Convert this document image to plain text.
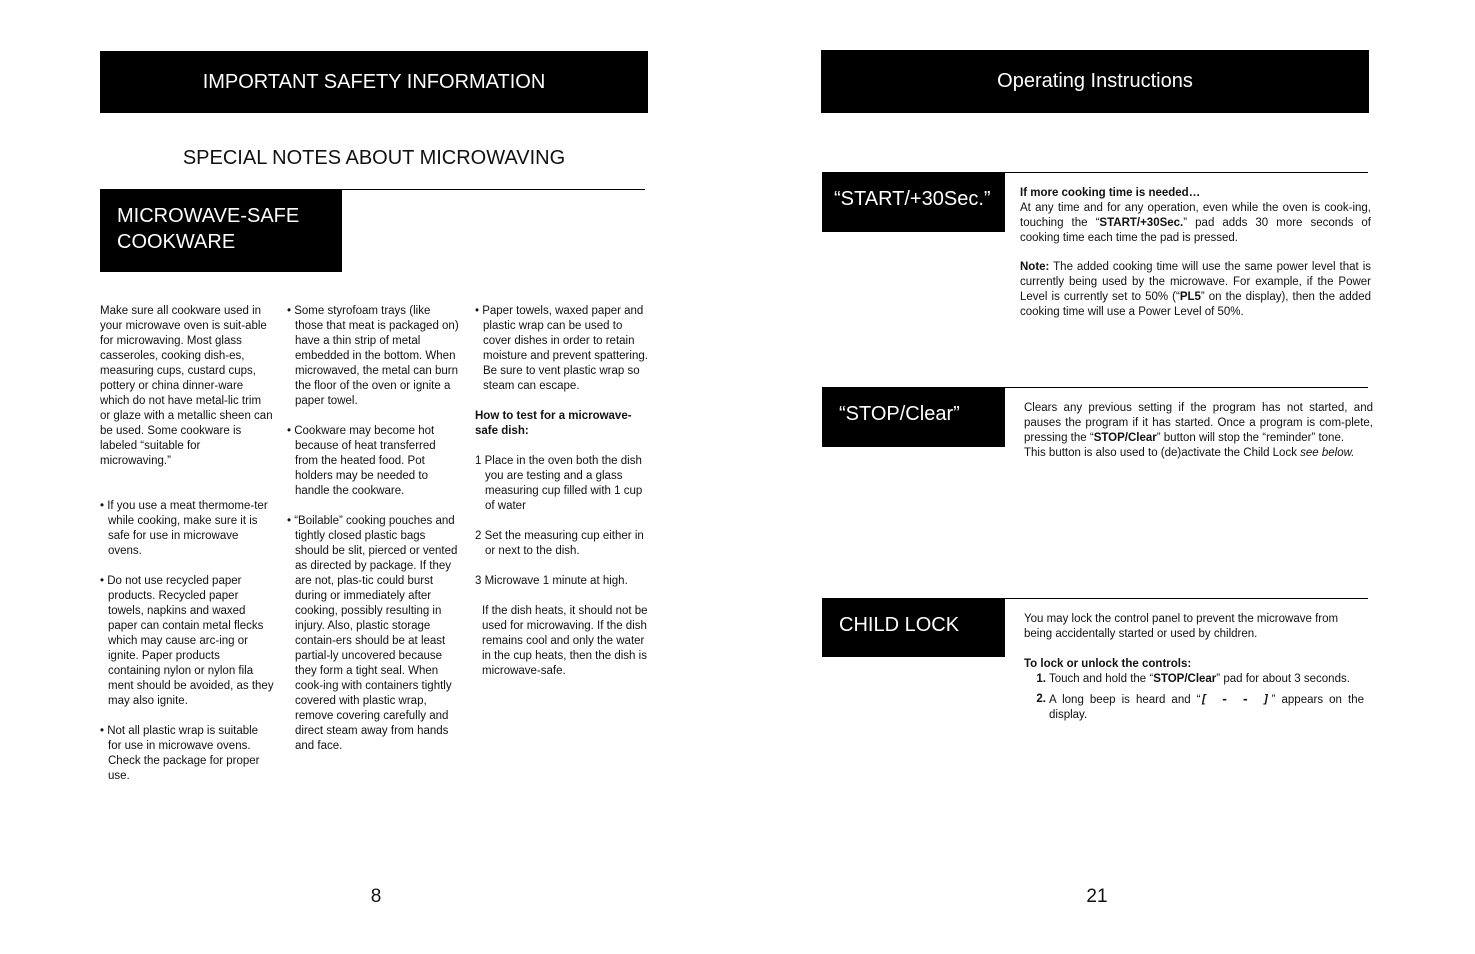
IMPORTANT SAFETY INFORMATION
SPECIAL NOTES ABOUT MICROWAVING
MICROWAVE-SAFE
COOKWARE

Make sure all cookware used in your microwave oven is suit-able for microwaving. Most glass casseroles, cooking dish-es, measuring cups, custard cups, pottery or china dinner-ware which do not have metal-lic trim or glaze with a metallic sheen can be used. Some cookware is labeled “suitable for microwaving.”

• If you use a meat thermome-ter while cooking, make sure it is safe for use in microwave ovens.

• Do not use recycled paper products. Recycled paper towels, napkins and waxed paper can contain metal flecks which may cause arc-ing or ignite. Paper products containing nylon or nylon fila ment should be avoided, as they may also ignite.

• Not all plastic wrap is suitable for use in microwave ovens. Check the package for proper use.

• Some styrofoam trays (like those that meat is packaged on) have a thin strip of metal embedded in the bottom. When microwaved, the metal can burn the floor of the oven or ignite a paper towel.

• Cookware may become hot because of heat transferred from the heated food. Pot holders may be needed to handle the cookware.

• “Boilable” cooking pouches and tightly closed plastic bags should be slit, pierced or vented as directed by package. If they are not, plas-tic could burst during or immediately after cooking, possibly resulting in injury. Also, plastic storage contain-ers should be at least partial-ly uncovered because they form a tight seal. When cook-ing with containers tightly covered with plastic wrap, remove covering carefully and direct steam away from hands and face.

• Paper towels, waxed paper and plastic wrap can be used to cover dishes in order to retain moisture and prevent spattering. Be sure to vent plastic wrap so steam can escape.

How to test for a microwave-safe dish:

1 Place in the oven both the dish you are testing and a glass measuring cup filled with 1 cup of water

2 Set the measuring cup either in or next to the dish.

3 Microwave 1 minute at high.

If the dish heats, it should not be used for microwaving. If the dish remains cool and only the water in the cup heats, then the dish is microwave-safe.

8
Operating Instructions
“START/+30Sec.”	If more cooking time is needed…

At any time and for any operation, even while the oven is cook-ing, touching the “START/+30Sec.” pad adds 30 more seconds of cooking time each time the pad is pressed.

Note: The added cooking time will use the same power level that is currently being used by the microwave. For example, if the Power Level is currently set to 50% (“PL5” on the display), then the added cooking time will use a Power Level of 50%.

“STOP/Clear”	Clears any previous setting if the program has not started, and pauses the program if it has started. Once a program is com-plete, pressing the “STOP/Clear” button will stop the “reminder” tone.

This button is also used to (de)activate the Child Lock see below.

CHILD LOCK	You may lock the control panel to prevent the microwave from being accidentally started or used by children.

To lock or unlock the controls:

1. Touch and hold the “STOP/Clear” pad for about 3 seconds.
2. A long beep is heard and “[ - - ]” appears on the display.
21
